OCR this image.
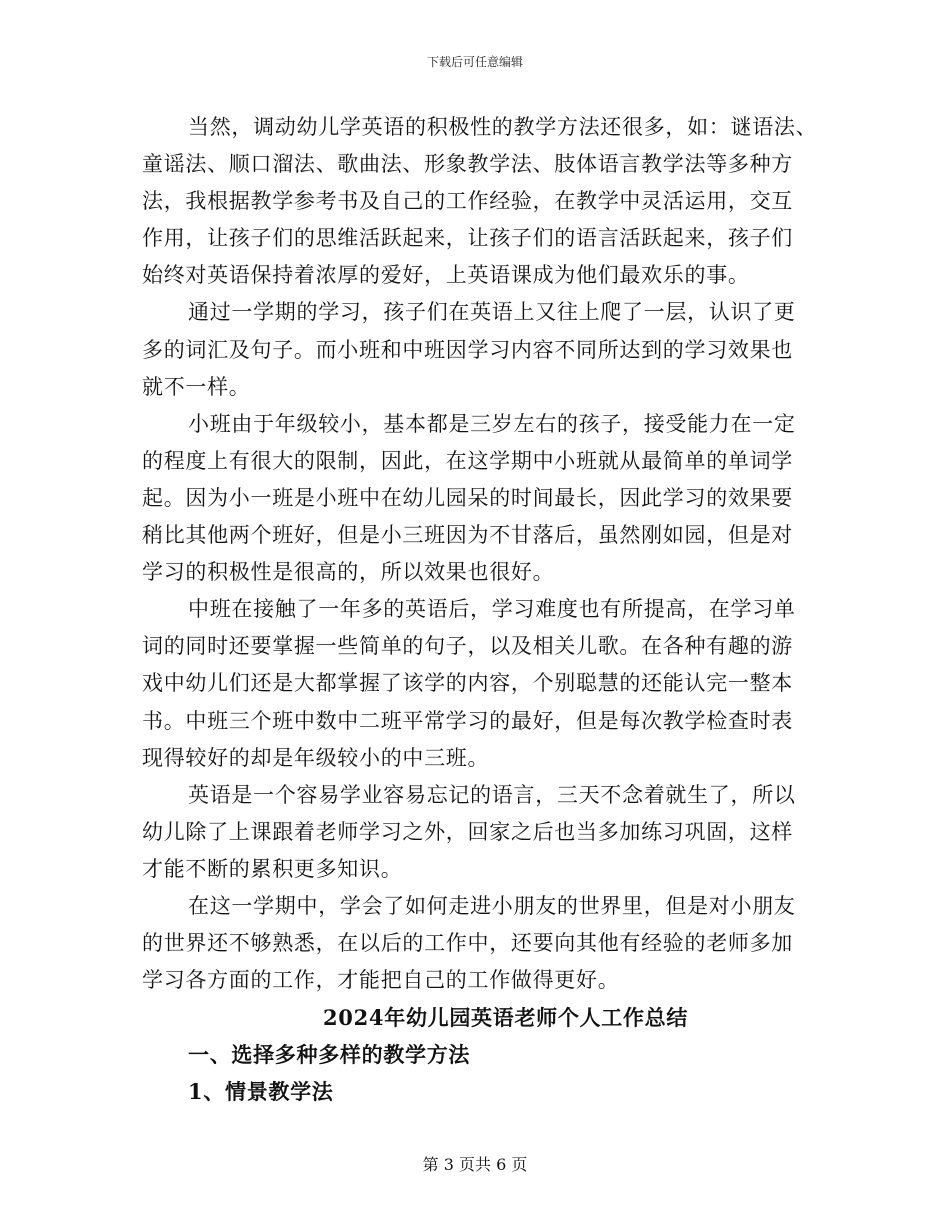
下载后可任意编辑
当然，调动幼儿学英语的积极性的教学方法还很多，如：谜语法、
童谣法、顺口溜法、歌曲法、形象教学法、肢体语言教学法等多种方
法，我根据教学参考书及自己的工作经验，在教学中灵活运用，交互
作用，让孩子们的思维活跃起来，让孩子们的语言活跃起来，孩子们
始终对英语保持着浓厚的爱好，上英语课成为他们最欢乐的事。
通过一学期的学习，孩子们在英语上又往上爬了一层，认识了更
多的词汇及句子。而小班和中班因学习内容不同所达到的学习效果也
就不一样。
小班由于年级较小，基本都是三岁左右的孩子，接受能力在一定
的程度上有很大的限制，因此，在这学期中小班就从最简单的单词学
起。因为小一班是小班中在幼儿园呆的时间最长，因此学习的效果要
稍比其他两个班好，但是小三班因为不甘落后，虽然刚如园，但是对
学习的积极性是很高的，所以效果也很好。
中班在接触了一年多的英语后，学习难度也有所提高，在学习单
词的同时还要掌握一些简单的句子，以及相关儿歌。在各种有趣的游
戏中幼儿们还是大都掌握了该学的内容，个别聪慧的还能认完一整本
书。中班三个班中数中二班平常学习的最好，但是每次教学检查时表
现得较好的却是年级较小的中三班。
英语是一个容易学业容易忘记的语言，三天不念着就生了，所以
幼儿除了上课跟着老师学习之外，回家之后也当多加练习巩固，这样
才能不断的累积更多知识。
在这一学期中，学会了如何走进小朋友的世界里，但是对小朋友
的世界还不够熟悉，在以后的工作中，还要向其他有经验的老师多加
学习各方面的工作，才能把自己的工作做得更好。
2024年幼儿园英语老师个人工作总结
一、选择多种多样的教学方法
1、情景教学法
第 3 页共 6 页
